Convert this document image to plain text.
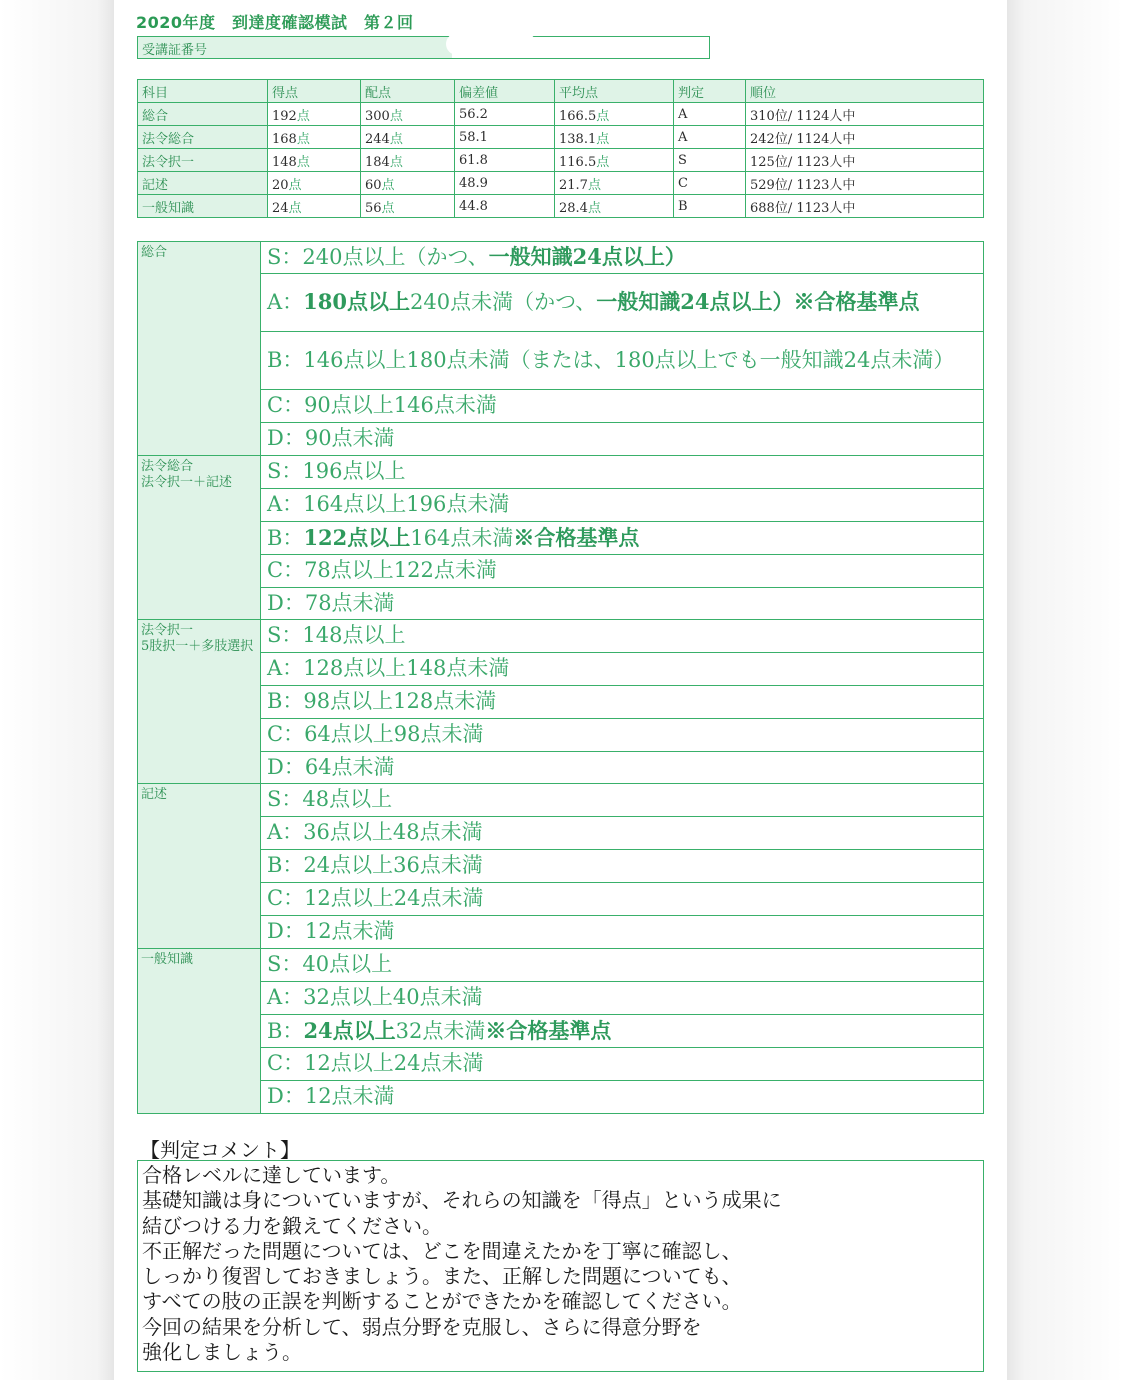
2020年度　到達度確認模試　第２回
受講証番号
科目	得点	配点	偏差値	平均点	判定	順位
総合	192点	300点	56.2	166.5点	A	310位/ 1124人中
法令総合	168点	244点	58.1	138.1点	A	242位/ 1124人中
法令択一	148点	184点	61.8	116.5点	S	125位/ 1123人中
記述	20点	60点	48.9	21.7点	C	529位/ 1123人中
一般知識	24点	56点	44.8	28.4点	B	688位/ 1123人中
総合	S：240点以上（かつ、一般知識24点以上）
	A：180点以上240点未満（かつ、一般知識24点以上）※合格基準点
	B：146点以上180点未満（または、180点以上でも一般知識24点未満）
	C：90点以上146点未満
	D：90点未満

法令総合
法令択一＋記述	S：196点以上
	A：164点以上196点未満
	B：122点以上164点未満※合格基準点
	C：78点以上122点未満
	D：78点未満

法令択一
5肢択一＋多肢選択	S：148点以上
	A：128点以上148点未満
	B：98点以上128点未満
	C：64点以上98点未満
	D：64点未満

記述	S：48点以上
	A：36点以上48点未満
	B：24点以上36点未満
	C：12点以上24点未満
	D：12点未満

一般知識	S：40点以上
	A：32点以上40点未満
	B：24点以上32点未満※合格基準点
	C：12点以上24点未満
	D：12点未満
【判定コメント】
合格レベルに達しています。
基礎知識は身についていますが、それらの知識を「得点」という成果に
結びつける力を鍛えてください。
不正解だった問題については、どこを間違えたかを丁寧に確認し、
しっかり復習しておきましょう。また、正解した問題についても、
すべての肢の正誤を判断することができたかを確認してください。
今回の結果を分析して、弱点分野を克服し、さらに得意分野を
強化しましょう。
